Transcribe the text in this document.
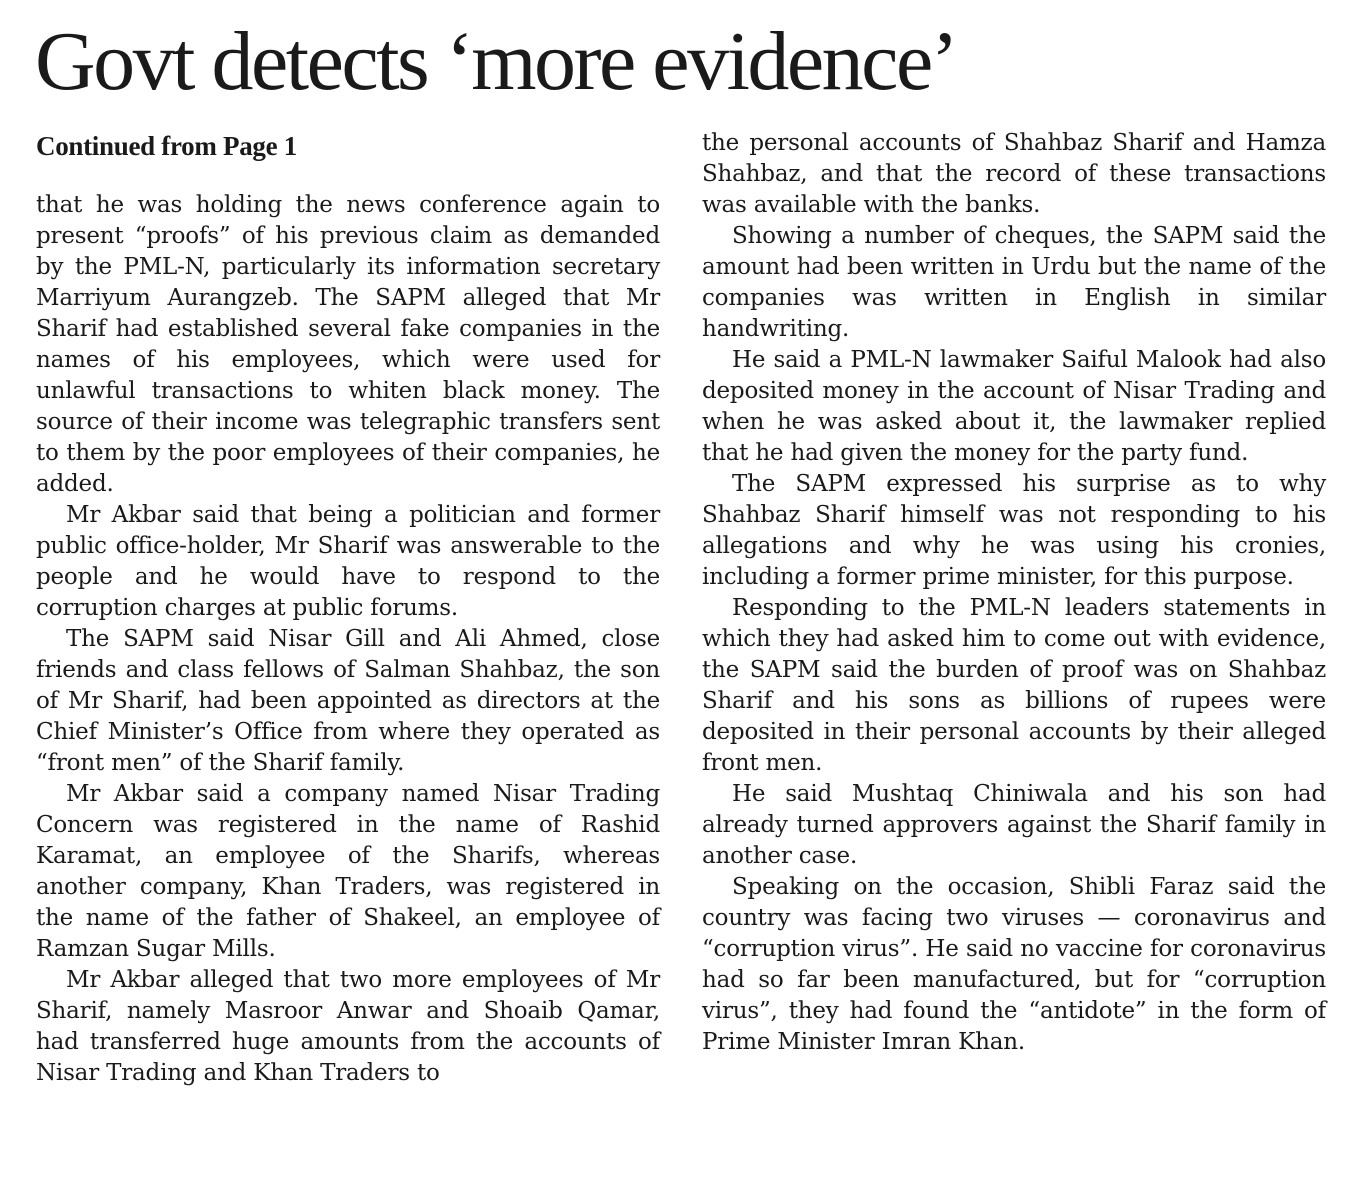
Govt detects ‘more evidence’
Continued from Page 1

that he was holding the news conference again to present “proofs” of his previous claim as demanded by the PML-N, particularly its information secretary Marriyum Aurangzeb. The SAPM alleged that Mr Sharif had established several fake companies in the names of his employees, which were used for unlawful transactions to whiten black money. The source of their income was telegraphic transfers sent to them by the poor employees of their companies, he added.

Mr Akbar said that being a politician and former public office-holder, Mr Sharif was answerable to the people and he would have to respond to the corruption charges at public forums.

The SAPM said Nisar Gill and Ali Ahmed, close friends and class fellows of Salman Shahbaz, the son of Mr Sharif, had been appointed as directors at the Chief Minister’s Office from where they operated as “front men” of the Sharif family.

Mr Akbar said a company named Nisar Trading Concern was registered in the name of Rashid Karamat, an employee of the Sharifs, whereas another company, Khan Traders, was registered in the name of the father of Shakeel, an employee of Ramzan Sugar Mills.

Mr Akbar alleged that two more employees of Mr Sharif, namely Masroor Anwar and Shoaib Qamar, had transferred huge amounts from the accounts of Nisar Trading and Khan Traders to

the personal accounts of Shahbaz Sharif and Hamza Shahbaz, and that the record of these transactions was available with the banks.

Showing a number of cheques, the SAPM said the amount had been written in Urdu but the name of the companies was written in English in similar handwriting.

He said a PML-N lawmaker Saiful Malook had also deposited money in the account of Nisar Trading and when he was asked about it, the lawmaker replied that he had given the money for the party fund.

The SAPM expressed his surprise as to why Shahbaz Sharif himself was not responding to his allegations and why he was using his cronies, including a former prime minister, for this purpose.

Responding to the PML-N leaders statements in which they had asked him to come out with evidence, the SAPM said the burden of proof was on Shahbaz Sharif and his sons as billions of rupees were deposited in their personal accounts by their alleged front men.

He said Mushtaq Chiniwala and his son had already turned approvers against the Sharif family in another case.

Speaking on the occasion, Shibli Faraz said the country was facing two viruses — coronavirus and “corruption virus”. He said no vaccine for coronavirus had so far been manufactured, but for “corruption virus”, they had found the “antidote” in the form of Prime Minister Imran Khan.
